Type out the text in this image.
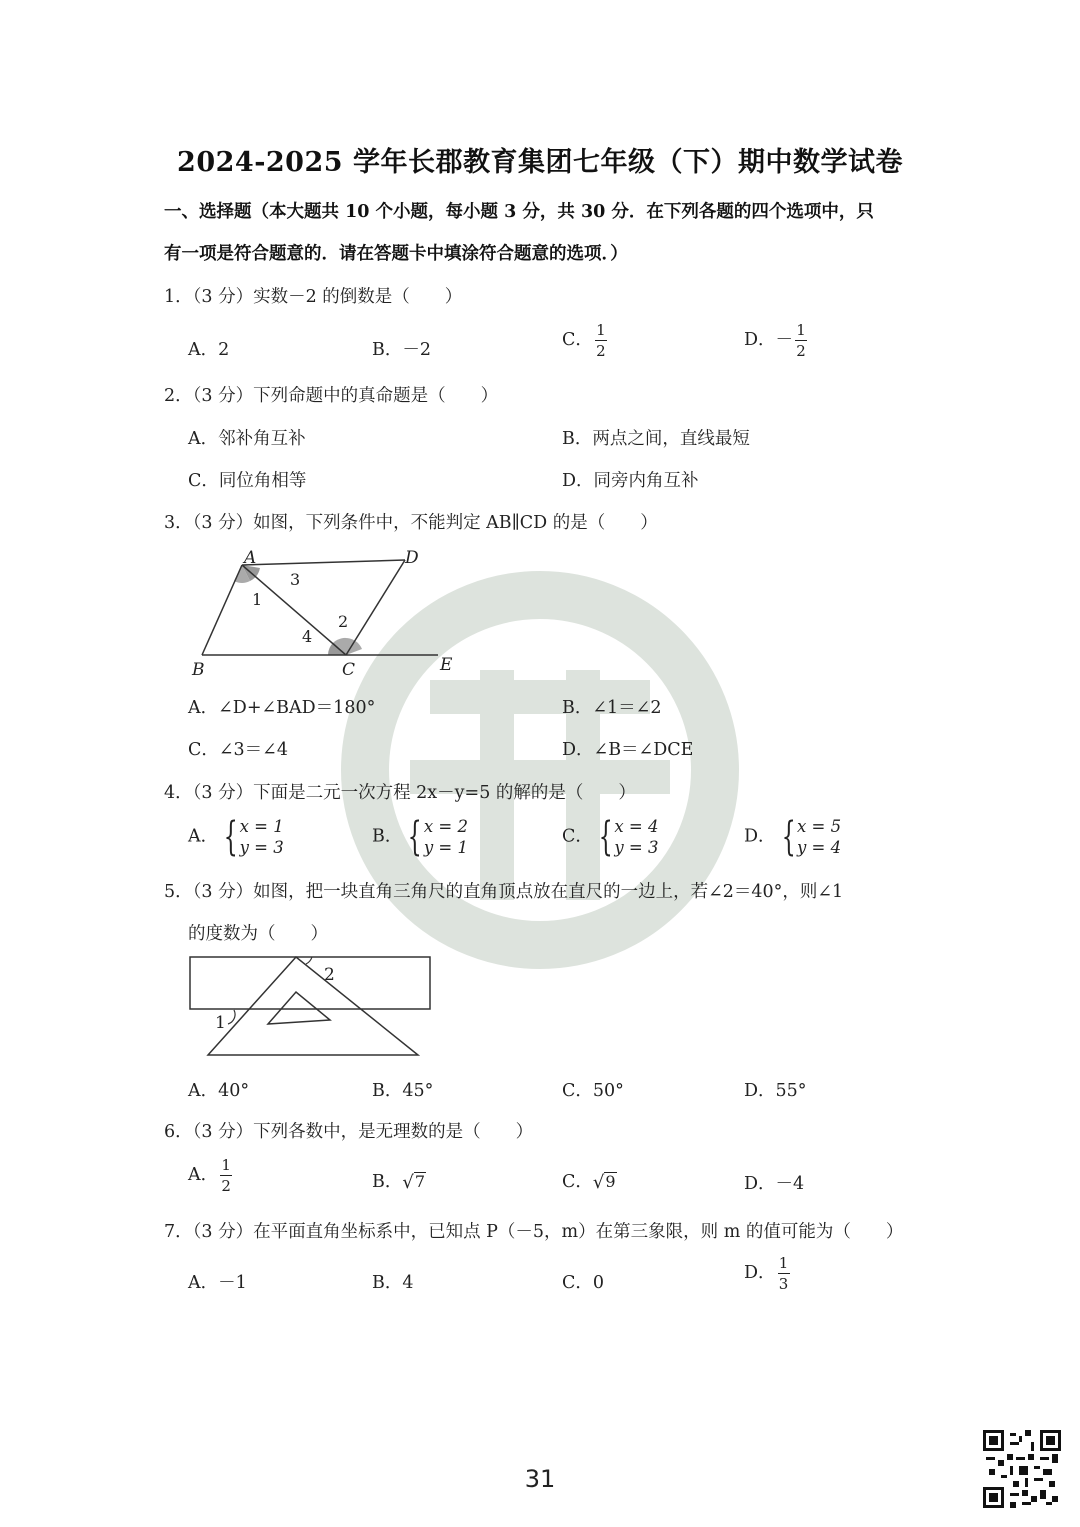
2024-2025 学年长郡教育集团七年级（下）期中数学试卷
一、选择题（本大题共 10 个小题，每小题 3 分，共 30 分．在下列各题的四个选项中，只
有一项是符合题意的．请在答题卡中填涂符合题意的选项．）
1．（3 分）实数－2 的倒数是（　　）
A．2	B．－2	C． $\frac{1}{2}$	D．－ $\frac{1}{2}$
2．（3 分）下列命题中的真命题是（　　）
A．邻补角互补	B．两点之间，直线最短
C．同位角相等	D．同旁内角互补
3．（3 分）如图，下列条件中，不能判定 AB∥CD 的是（　　）
A	D
B	C	E
1
2
3
4
A．∠D+∠BAD＝180°	B．∠1＝∠2
C．∠3＝∠4	D．∠B＝∠DCE
4．（3 分）下面是二元一次方程 2x－y=5 的解的是（　　）
A． { x = 1
y = 3
B． { x = 2
y = 1
C． { x = 4
y = 3
D． { x = 5
y = 4
5．（3 分）如图，把一块直角三角尺的直角顶点放在直尺的一边上，若∠2＝40°，则∠1
的度数为（　　）
2
1
A．40°	B．45°	C．50°	D．55°
6．（3 分）下列各数中，是无理数的是（　　）
A． $\frac{1}{2}$	B． √ 7	C． √ 9	D．－4
7．（3 分）在平面直角坐标系中，已知点 P（－5，m）在第三象限，则 m 的值可能为（　　）
A．－1	B．4	C．0	D． $\frac{1}{3}$
31
